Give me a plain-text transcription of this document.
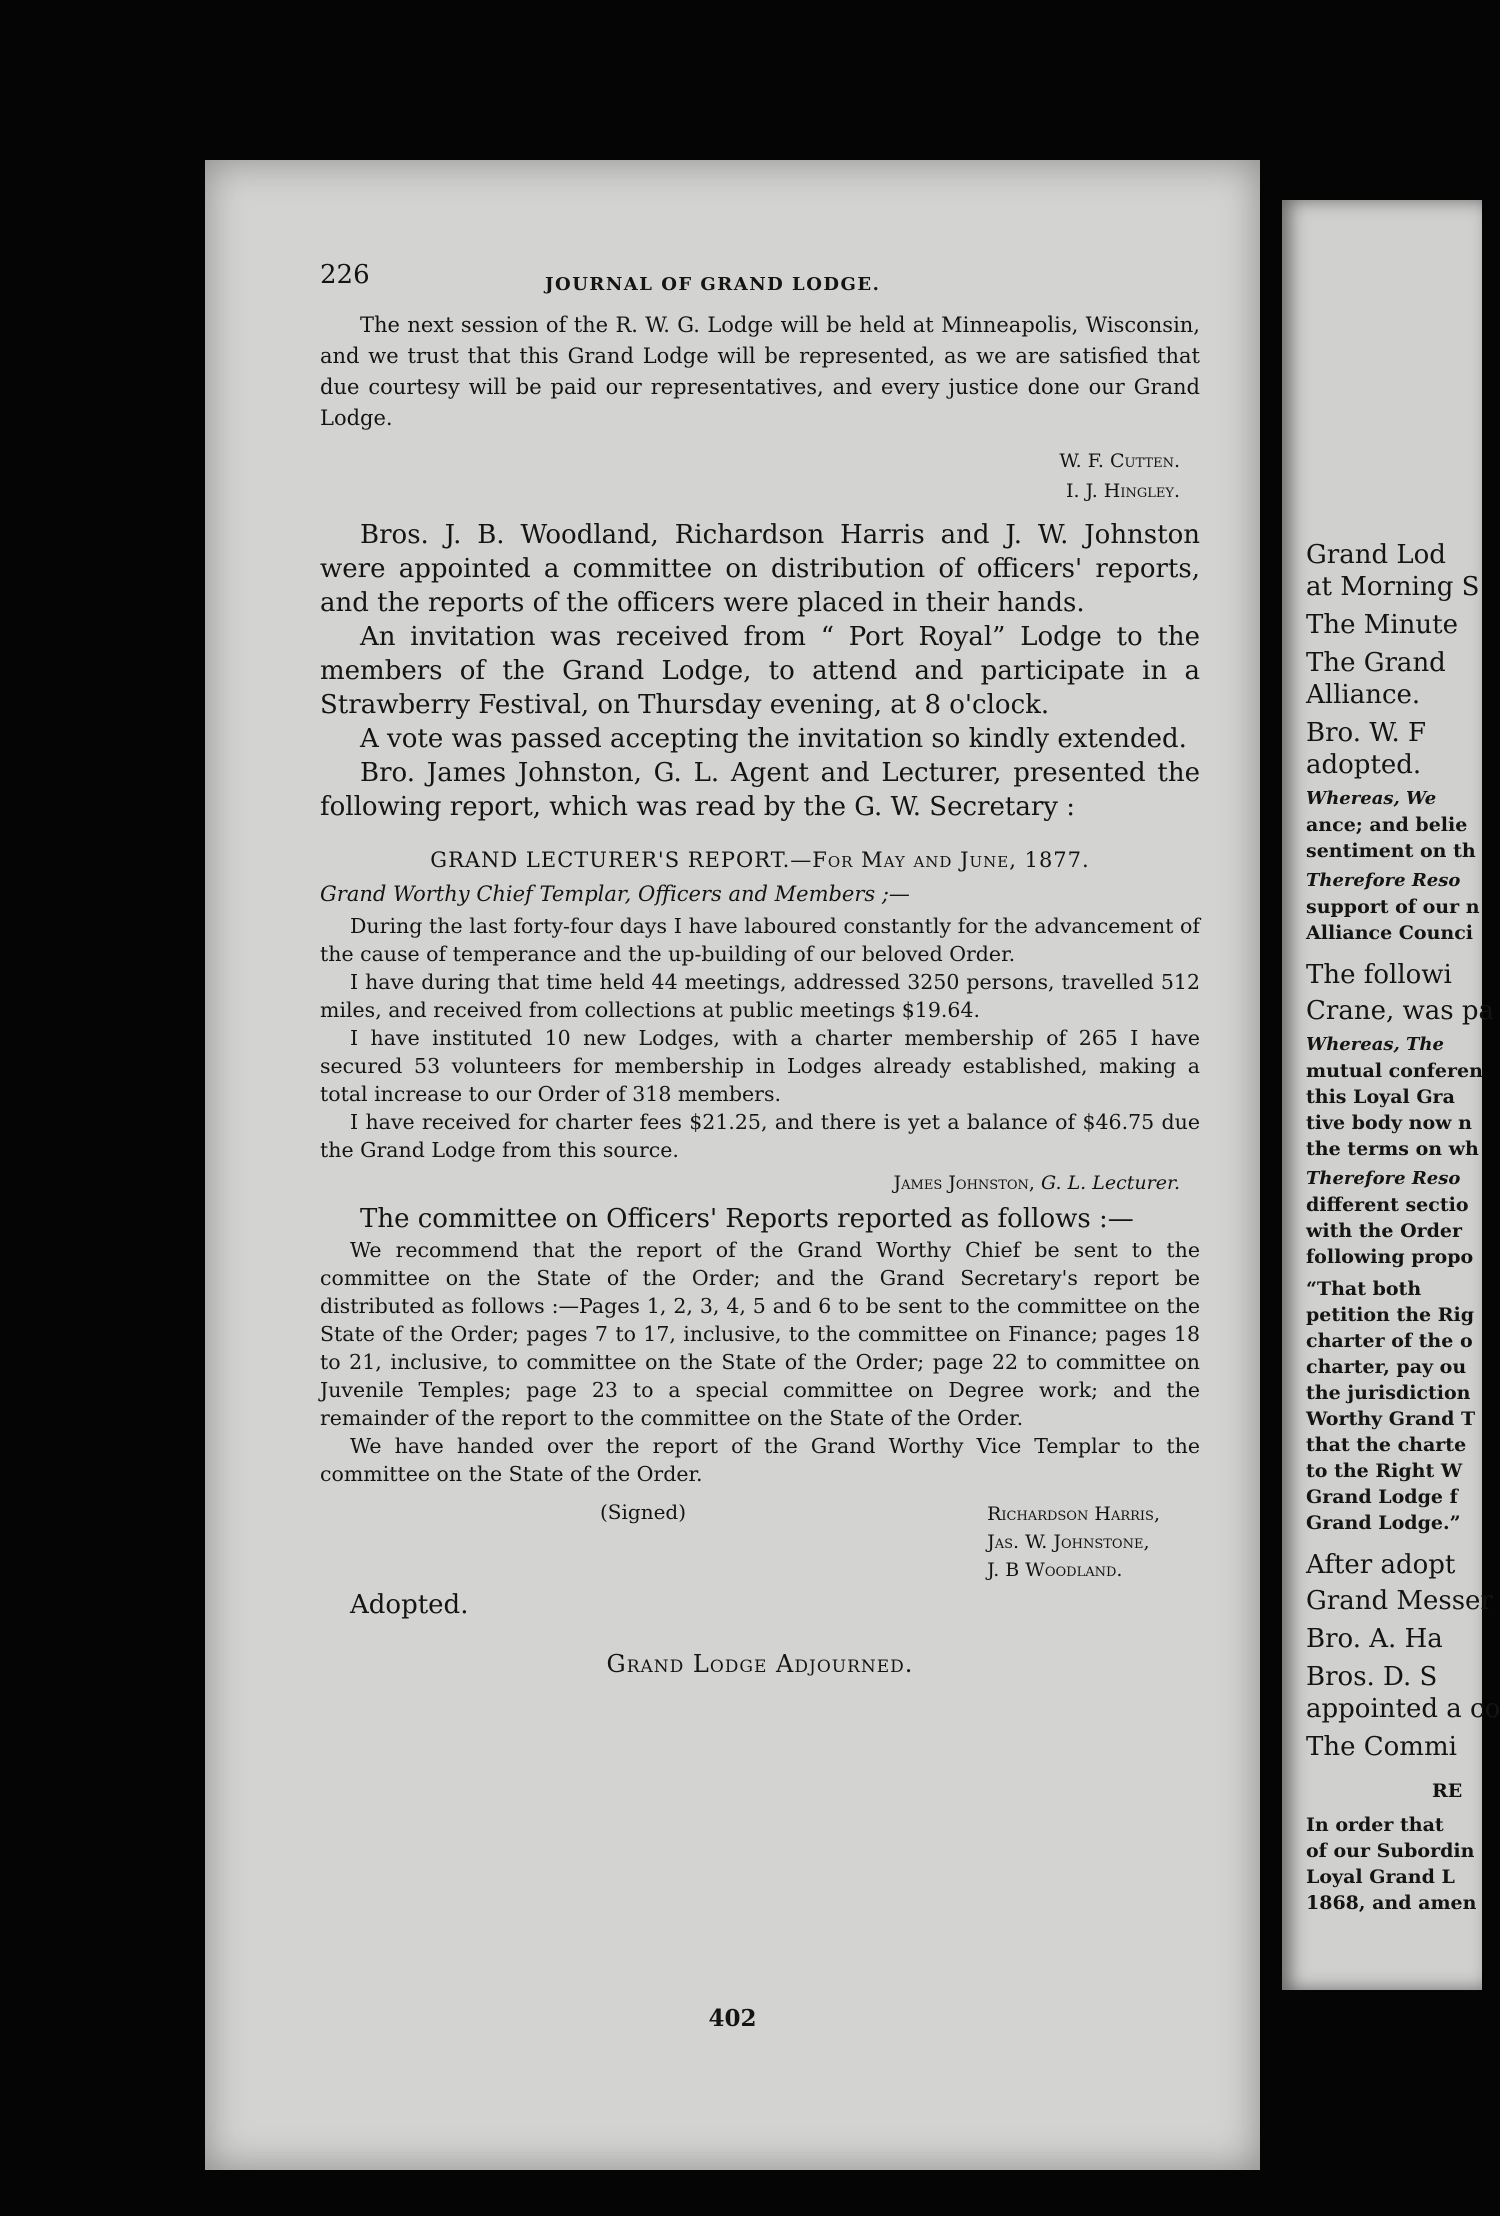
226	JOURNAL OF GRAND LODGE.

The next session of the R. W. G. Lodge will be held at Minneapolis, Wisconsin, and we trust that this Grand Lodge will be represented, as we are satisfied that due courtesy will be paid our representatives, and every justice done our Grand Lodge.

W. F. Cutten.
I. J. Hingley.

Bros. J. B. Woodland, Richardson Harris and J. W. Johnston were appointed a committee on distribution of officers' reports, and the reports of the officers were placed in their hands.

An invitation was received from “ Port Royal” Lodge to the members of the Grand Lodge, to attend and participate in a Strawberry Festival, on Thursday evening, at 8 o'clock.

A vote was passed accepting the invitation so kindly extended.

Bro. James Johnston, G. L. Agent and Lecturer, presented the following report, which was read by the G. W. Secretary :

GRAND LECTURER'S REPORT.—For May and June, 1877.
Grand Worthy Chief Templar, Officers and Members ;—

During the last forty-four days I have laboured constantly for the advancement of the cause of temperance and the up-building of our beloved Order.

I have during that time held 44 meetings, addressed 3250 persons, travelled 512 miles, and received from collections at public meetings $19.64.

I have instituted 10 new Lodges, with a charter membership of 265 I have secured 53 volunteers for membership in Lodges already established, making a total increase to our Order of 318 members.

I have received for charter fees $21.25, and there is yet a balance of $46.75 due the Grand Lodge from this source.

James Johnston, G. L. Lecturer.

The committee on Officers' Reports reported as follows :—

We recommend that the report of the Grand Worthy Chief be sent to the committee on the State of the Order; and the Grand Secretary's report be distributed as follows :—Pages 1, 2, 3, 4, 5 and 6 to be sent to the committee on the State of the Order; pages 7 to 17, inclusive, to the committee on Finance; pages 18 to 21, inclusive, to committee on the State of the Order; page 22 to committee on Juvenile Temples; page 23 to a special committee on Degree work; and the remainder of the report to the committee on the State of the Order.

We have handed over the report of the Grand Worthy Vice Templar to the committee on the State of the Order.

(Signed)	Richardson Harris,
Jas. W. Johnstone,
J. B Woodland.
Adopted.
Grand Lodge Adjourned.
402
Grand Lod
at Morning S
The Minute
The Grand
Alliance.
Bro. W. F
adopted.
Whereas, We
ance; and belie
sentiment on th
Therefore Reso
support of our n
Alliance Counci
The followi
Crane, was pa
Whereas, The
mutual conferen
this Loyal Gra
tive body now n
the terms on wh
Therefore Reso
different sectio
with the Order
following propo
“That both
petition the Rig
charter of the o
charter, pay ou
the jurisdiction
Worthy Grand T
that the charte
to the Right W
Grand Lodge f
Grand Lodge.”
After adopt
Grand Messer
Bro. A. Ha
Bros. D. S
appointed a co
The Commi
RE
In order that
of our Subordin
Loyal Grand L
1868, and amen
